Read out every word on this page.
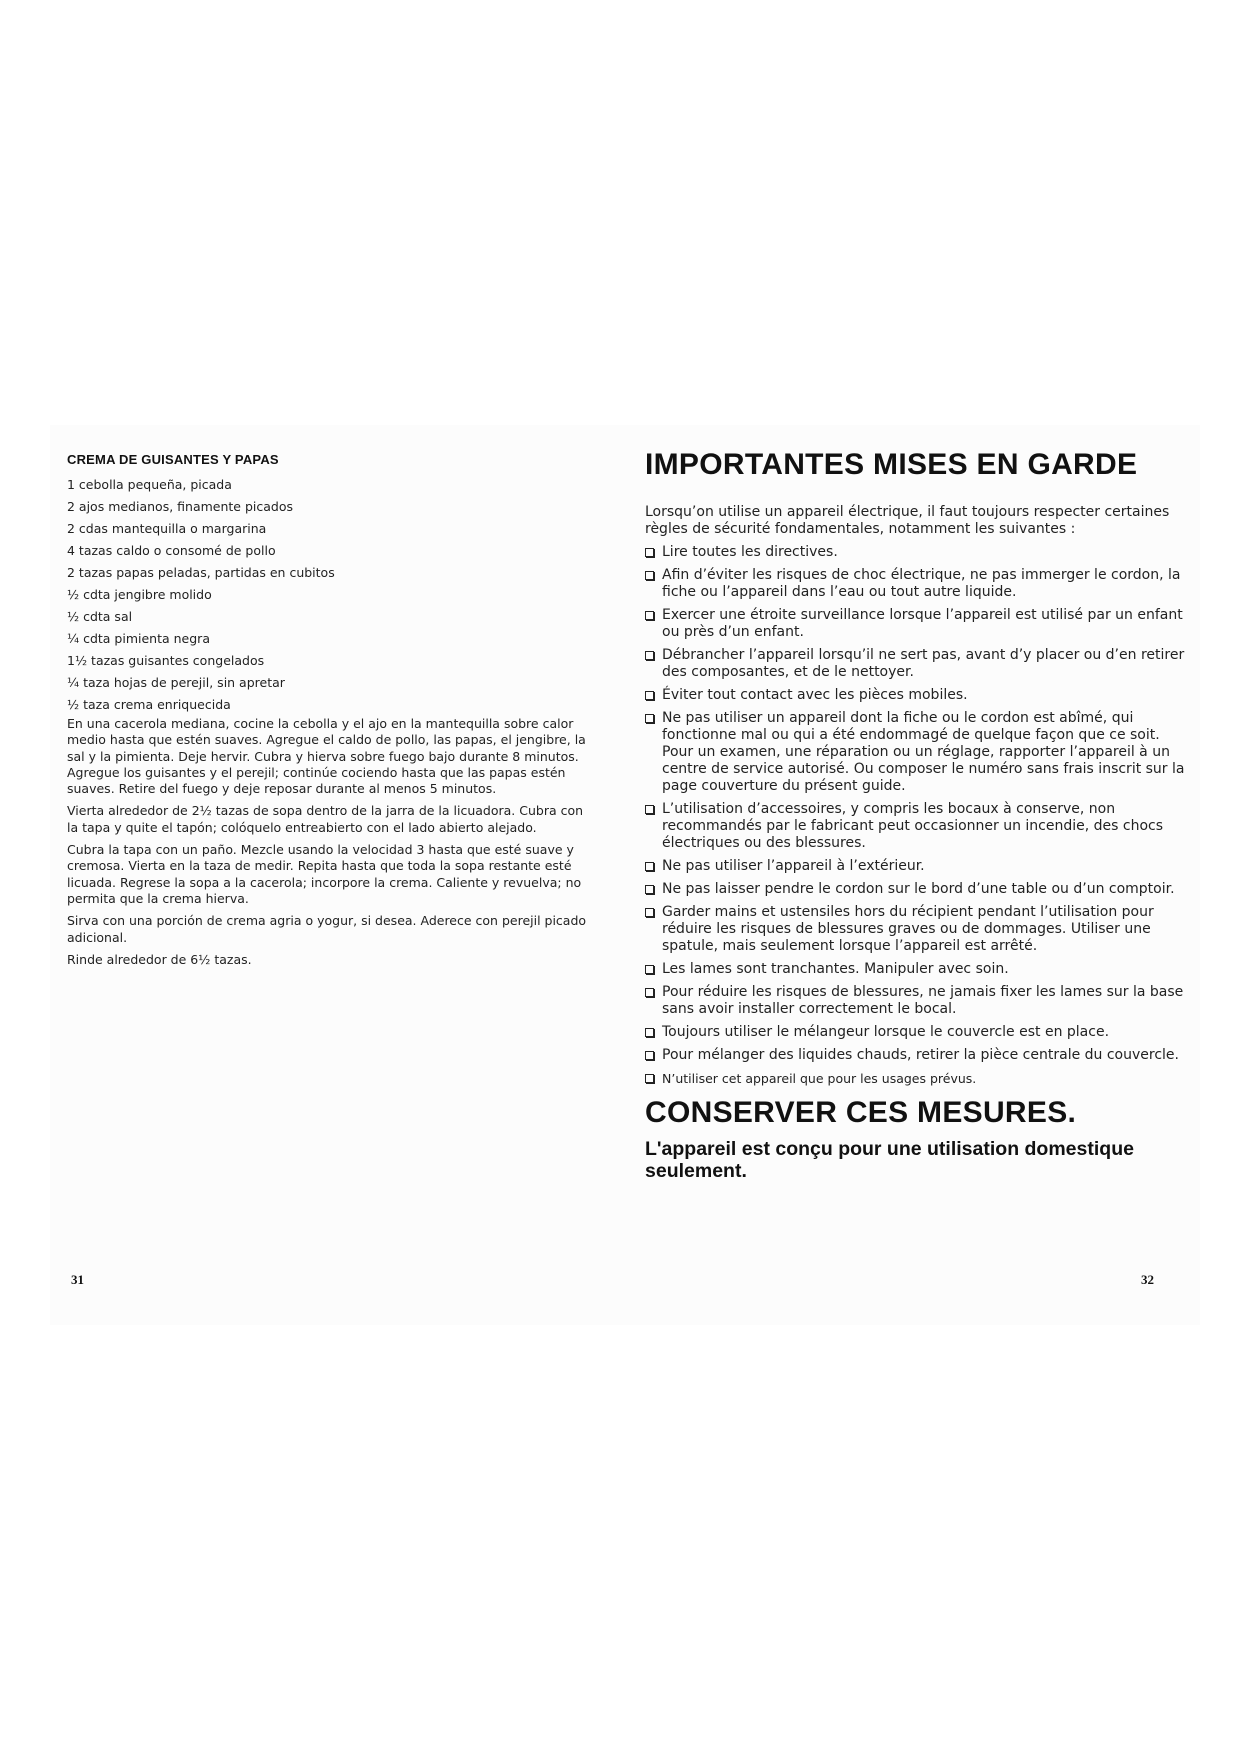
CREMA DE GUISANTES Y PAPAS
1 cebolla pequeña, picada
2 ajos medianos, finamente picados
2 cdas mantequilla o margarina
4 tazas caldo o consomé de pollo
2 tazas papas peladas, partidas en cubitos
½ cdta jengibre molido
½ cdta sal
¼ cdta pimienta negra
1½ tazas guisantes congelados
¼ taza hojas de perejil, sin apretar
½ taza crema enriquecida

En una cacerola mediana, cocine la cebolla y el ajo en la mantequilla sobre calor medio hasta que estén suaves. Agregue el caldo de pollo, las papas, el jengibre, la sal y la pimienta. Deje hervir. Cubra y hierva sobre fuego bajo durante 8 minutos. Agregue los guisantes y el perejil; continúe cociendo hasta que las papas estén suaves. Retire del fuego y deje reposar durante al menos 5 minutos.

Vierta alrededor de 2½ tazas de sopa dentro de la jarra de la licuadora. Cubra con la tapa y quite el tapón; colóquelo entreabierto con el lado abierto alejado.

Cubra la tapa con un paño. Mezcle usando la velocidad 3 hasta que esté suave y cremosa. Vierta en la taza de medir. Repita hasta que toda la sopa restante esté licuada. Regrese la sopa a la cacerola; incorpore la crema. Caliente y revuelva; no permita que la crema hierva.

Sirva con una porción de crema agria o yogur, si desea. Aderece con perejil picado adicional.

Rinde alrededor de 6½ tazas.

IMPORTANTES MISES EN GARDE

Lorsqu’on utilise un appareil électrique, il faut toujours respecter certaines règles de sécurité fondamentales, notamment les suivantes :

Lire toutes les directives.
Afin d’éviter les risques de choc électrique, ne pas immerger le cordon, la fiche ou l’appareil dans l’eau ou tout autre liquide.
Exercer une étroite surveillance lorsque l’appareil est utilisé par un enfant ou près d’un enfant.
Débrancher l’appareil lorsqu’il ne sert pas, avant d’y placer ou d’en retirer des composantes, et de le nettoyer.
Éviter tout contact avec les pièces mobiles.
Ne pas utiliser un appareil dont la fiche ou le cordon est abîmé, qui fonctionne mal ou qui a été endommagé de quelque façon que ce soit. Pour un examen, une réparation ou un réglage, rapporter l’appareil à un centre de service autorisé. Ou composer le numéro sans frais inscrit sur la page couverture du présent guide.
L’utilisation d’accessoires, y compris les bocaux à conserve, non recommandés par le fabricant peut occasionner un incendie, des chocs électriques ou des blessures.
Ne pas utiliser l’appareil à l’extérieur.
Ne pas laisser pendre le cordon sur le bord d’une table ou d’un comptoir.
Garder mains et ustensiles hors du récipient pendant l’utilisation pour réduire les risques de blessures graves ou de dommages. Utiliser une spatule, mais seulement lorsque l’appareil est arrêté.
Les lames sont tranchantes. Manipuler avec soin.
Pour réduire les risques de blessures, ne jamais fixer les lames sur la base sans avoir installer correctement le bocal.
Toujours utiliser le mélangeur lorsque le couvercle est en place.
Pour mélanger des liquides chauds, retirer la pièce centrale du couvercle.
N’utiliser cet appareil que pour les usages prévus.
CONSERVER CES MESURES.

L'appareil est conçu pour une utilisation domestique seulement.

31	32
